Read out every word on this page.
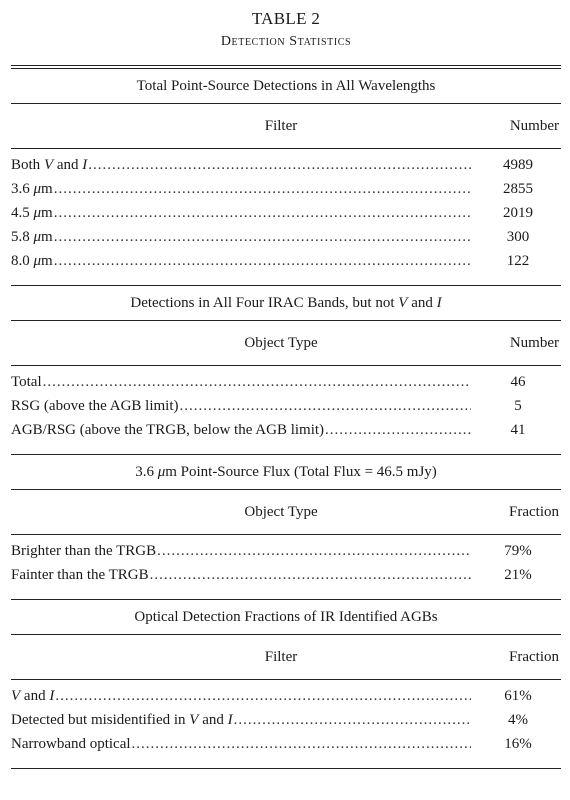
TABLE 2
Detection Statistics
Total Point-Source Detections in All Wavelengths
Filter	Number
Both V and I .....	4989
3.6 μm .....	2855
4.5 μm .....	2019
5.8 μm .....	300
8.0 μm .....	122
Detections in All Four IRAC Bands, but not V and I
Object Type	Number
Total .....	46
RSG (above the AGB limit) .....	5
AGB/RSG (above the TRGB, below the AGB limit) .....	41
3.6 μm Point-Source Flux (Total Flux = 46.5 mJy)
Object Type	Fraction
Brighter than the TRGB .....	79%
Fainter than the TRGB .....	21%
Optical Detection Fractions of IR Identified AGBs
Filter	Fraction
V and I .....	61%
Detected but misidentified in V and I .....	4%
Narrowband optical .....	16%
